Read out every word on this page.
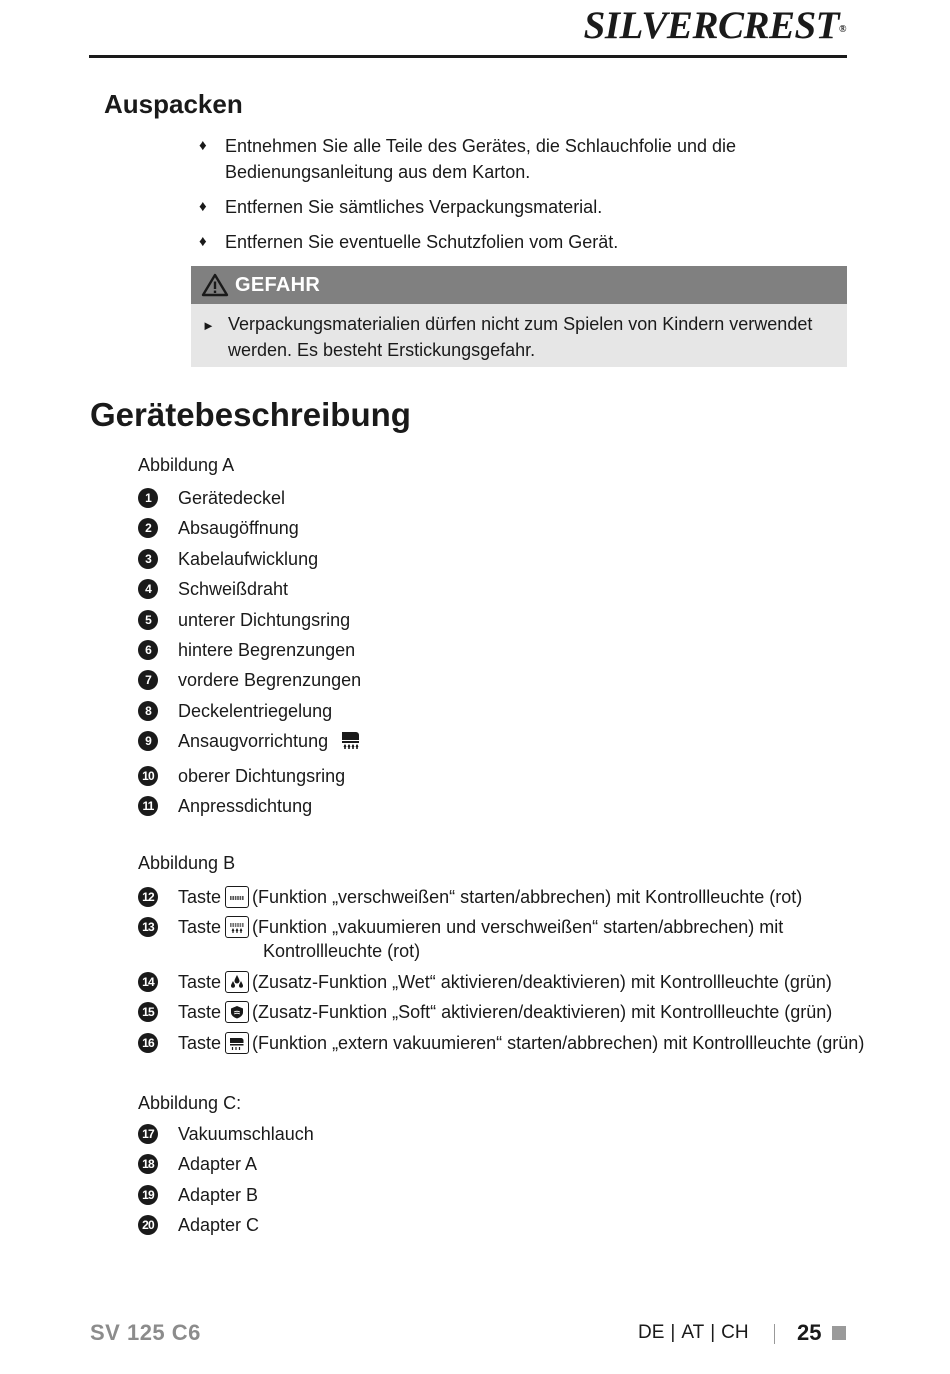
SILVERCREST®
Auspacken
♦ Entnehmen Sie alle Teile des Gerätes, die Schlauchfolie und die Bedienungsanleitung aus dem Karton.
♦ Entfernen Sie sämtliches Verpackungsmaterial.
♦ Entfernen Sie eventuelle Schutzfolien vom Gerät.
GEFAHR
► Verpackungsmaterialien dürfen nicht zum Spielen von Kindern verwendet werden. Es besteht Erstickungsgefahr.
Gerätebeschreibung
Abbildung A
1	Gerätedeckel
2	Absaugöffnung
3	Kabelaufwicklung
4	Schweißdraht
5	unterer Dichtungsring
6	hintere Begrenzungen
7	vordere Begrenzungen
8	Deckelentriegelung
9	Ansaugvorrichtung
10 oberer Dichtungsring
11 Anpressdichtung
Abbildung B
12 Taste (Funktion „verschweißen“ starten/abbrechen) mit Kontrollleuchte (rot)
13 Taste (Funktion „vakuumieren und verschweißen“ starten/abbrechen) mit
Kontrollleuchte (rot)
14 Taste (Zusatz-Funktion „Wet“ aktivieren/deaktivieren) mit Kontrollleuchte (grün)
15 Taste (Zusatz-Funktion „Soft“ aktivieren/deaktivieren) mit Kontrollleuchte (grün)
16 Taste (Funktion „extern vakuumieren“ starten/abbrechen) mit Kontrollleuchte (grün)
Abbildung C:
17 Vakuumschlauch
18 Adapter A
19 Adapter B
20 Adapter C
SV 125 C6	DE | AT | CH 25
